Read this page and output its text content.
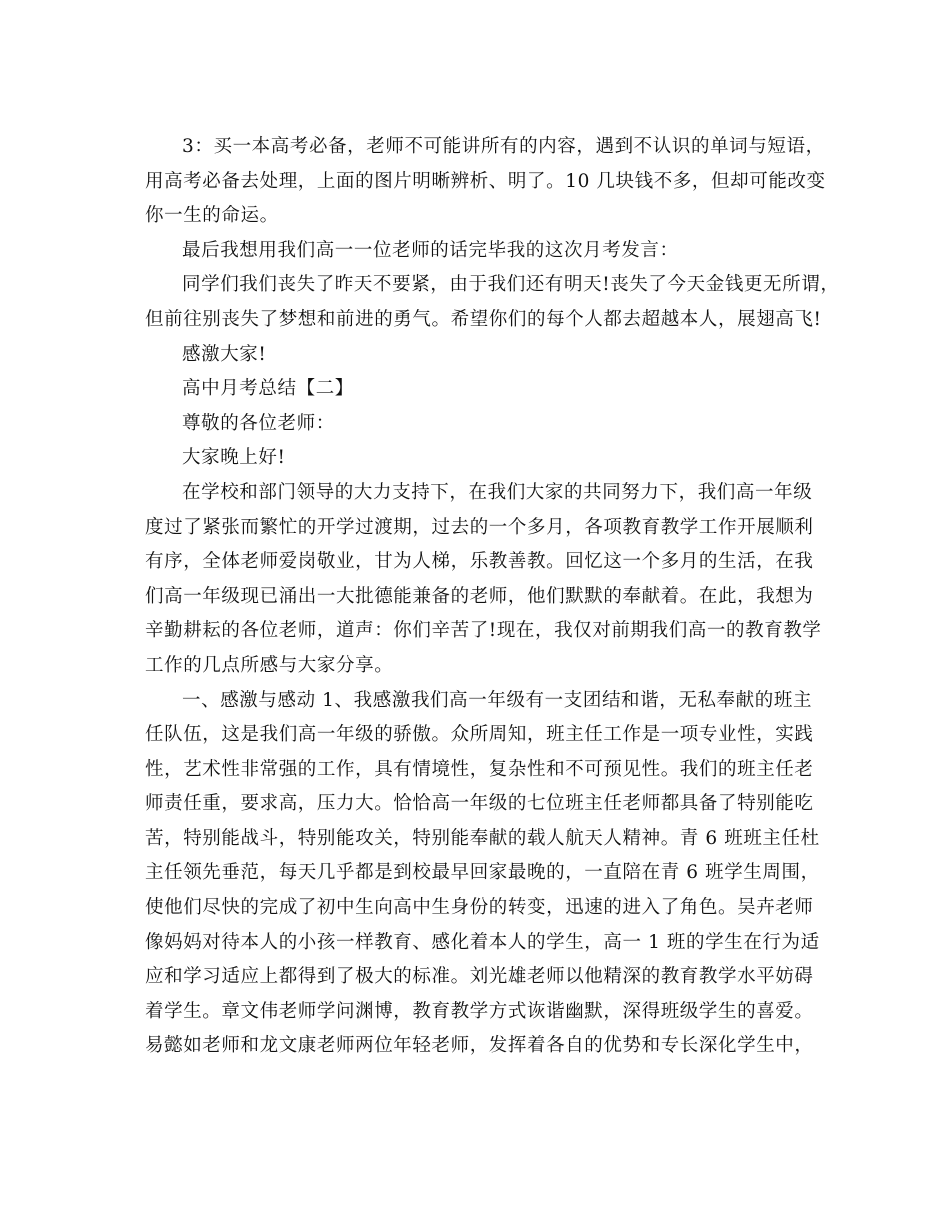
3：买一本高考必备，老师不可能讲所有的内容，遇到不认识的单词与短语，
用高考必备去处理，上面的图片明晰辨析、明了。10 几块钱不多，但却可能改变
你一生的命运。
最后我想用我们高一一位老师的话完毕我的这次月考发言：
同学们我们丧失了昨天不要紧，由于我们还有明天!丧失了今天金钱更无所谓，
但前往别丧失了梦想和前进的勇气。希望你们的每个人都去超越本人，展翅高飞!
感激大家!
高中月考总结【二】
尊敬的各位老师：
大家晚上好!
在学校和部门领导的大力支持下，在我们大家的共同努力下，我们高一年级
度过了紧张而繁忙的开学过渡期，过去的一个多月，各项教育教学工作开展顺利
有序，全体老师爱岗敬业，甘为人梯，乐教善教。回忆这一个多月的生活，在我
们高一年级现已涌出一大批德能兼备的老师，他们默默的奉献着。在此，我想为
辛勤耕耘的各位老师，道声：你们辛苦了!现在，我仅对前期我们高一的教育教学
工作的几点所感与大家分享。
一、感激与感动 1、我感激我们高一年级有一支团结和谐，无私奉献的班主
任队伍，这是我们高一年级的骄傲。众所周知，班主任工作是一项专业性，实践
性，艺术性非常强的工作，具有情境性，复杂性和不可预见性。我们的班主任老
师责任重，要求高，压力大。恰恰高一年级的七位班主任老师都具备了特别能吃
苦，特别能战斗，特别能攻关，特别能奉献的载人航天人精神。青 6 班班主任杜
主任领先垂范，每天几乎都是到校最早回家最晚的，一直陪在青 6 班学生周围，
使他们尽快的完成了初中生向高中生身份的转变，迅速的进入了角色。吴卉老师
像妈妈对待本人的小孩一样教育、感化着本人的学生，高一 1 班的学生在行为适
应和学习适应上都得到了极大的标准。刘光雄老师以他精深的教育教学水平妨碍
着学生。章文伟老师学问渊博，教育教学方式诙谐幽默，深得班级学生的喜爱。
易懿如老师和龙文康老师两位年轻老师，发挥着各自的优势和专长深化学生中，
